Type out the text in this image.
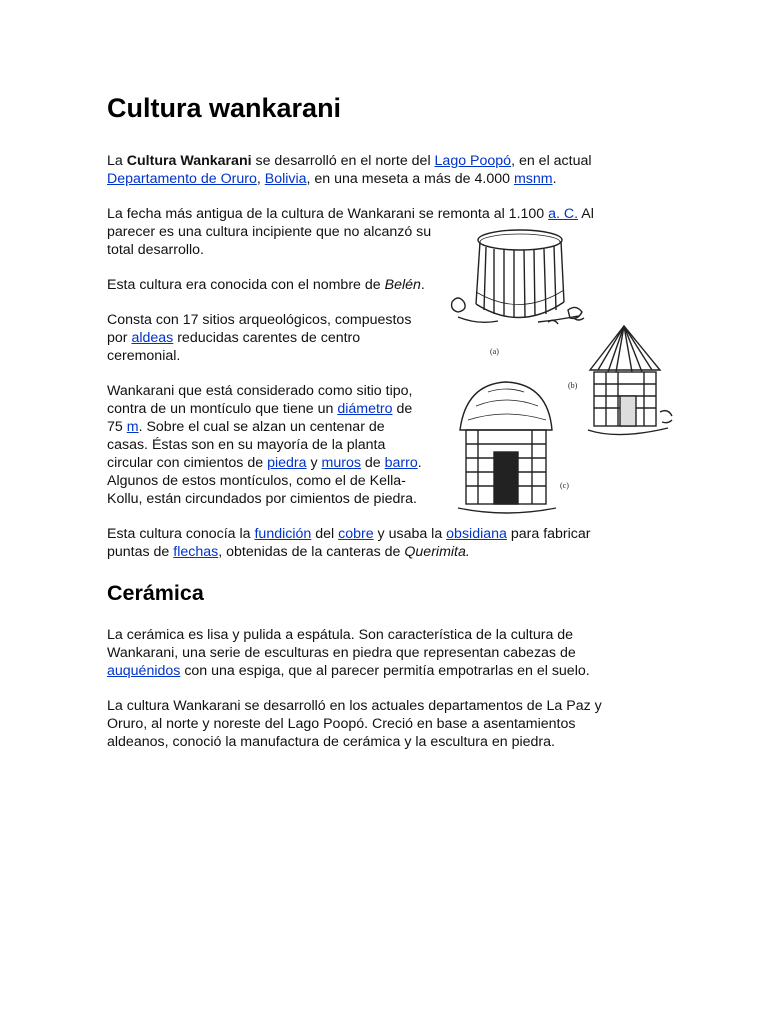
Cultura wankarani

La Cultura Wankarani se desarrolló en el norte del Lago Poopó, en el actual Departamento de Oruro, Bolivia, en una meseta a más de 4.000 msnm.

La fecha más antigua de la cultura de Wankarani se remonta al 1.100 a. C. Al
parecer es una cultura incipiente que no alcanzó su total desarrollo.

Esta cultura era conocida con el nombre de Belén.

Consta con 17 sitios arqueológicos, compuestos por aldeas reducidas carentes de centro ceremonial.

Wankarani que está considerado como sitio tipo, contra de un montículo que tiene un diámetro de 75 m. Sobre el cual se alzan un centenar de casas. Éstas son en su mayoría de la planta circular con cimientos de piedra y muros de barro. Algunos de estos montículos, como el de Kella-Kollu, están circundados por cimientos de piedra.

Esta cultura conocía la fundición del cobre y usaba la obsidiana para fabricar puntas de flechas, obtenidas de la canteras de Querimita.

Cerámica

La cerámica es lisa y pulida a espátula. Son característica de la cultura de Wankarani, una serie de esculturas en piedra que representan cabezas de auquénidos con una espiga, que al parecer permitía empotrarlas en el suelo.

La cultura Wankarani se desarrolló en los actuales departamentos de La Paz y Oruro, al norte y noreste del Lago Poopó. Creció en base a asentamientos aldeanos, conoció la manufactura de cerámica y la escultura en piedra.

(a)
(b)
(c)
